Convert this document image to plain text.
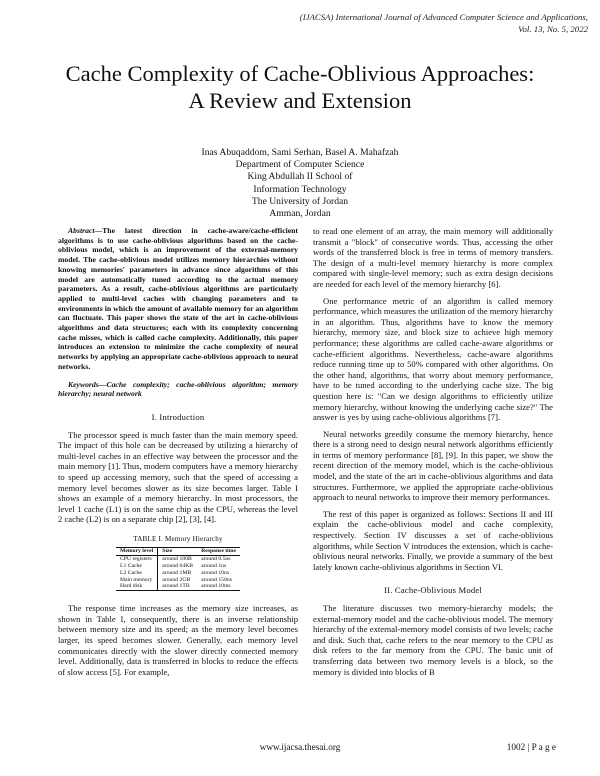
(IJACSA) International Journal of Advanced Computer Science and Applications,
Vol. 13, No. 5, 2022
Cache Complexity of Cache-Oblivious Approaches:
A Review and Extension
Inas Abuqaddom, Sami Serhan, Basel A. Mahafzah
Department of Computer Science
King Abdullah II School of
Information Technology
The University of Jordan
Amman, Jordan

Abstract—The latest direction in cache-aware/cache-efficient algorithms is to use cache-oblivious algorithms based on the cache-oblivious model, which is an improvement of the external-memory model. The cache-oblivious model utilizes memory hierarchies without knowing memories' parameters in advance since algorithms of this model are automatically tuned according to the actual memory parameters. As a result, cache-oblivious algorithms are particularly applied to multi-level caches with changing parameters and to environments in which the amount of available memory for an algorithm can fluctuate. This paper shows the state of the art in cache-oblivious algorithms and data structures; each with its complexity concerning cache misses, which is called cache complexity. Additionally, this paper introduces an extension to minimize the cache complexity of neural networks by applying an appropriate cache-oblivious approach to neural networks.

Keywords—Cache complexity; cache-oblivious algorithm; memory hierarchy; neural network

I. Introduction

The processor speed is much faster than the main memory speed. The impact of this hole can be decreased by utilizing a hierarchy of multi-level caches in an effective way between the processor and the main memory [1]. Thus, modern computers have a memory hierarchy to speed up accessing memory, such that the speed of accessing a memory level becomes slower as its size becomes larger. Table I shows an example of a memory hierarchy. In most processors, the level 1 cache (L1) is on the same chip as the CPU, whereas the level 2 cache (L2) is on a separate chip [2], [3], [4].

TABLE I. Memory Hierarchy
Memory level	Size	Response time
CPU registers	around 100B	around 0.5ns
L1 Cache	around 64KB	around 1ns
L2 Cache	around 1MB	around 10ns
Main memory	around 2GB	around 150ns
Hard disk	around 1TB	around 10ms

The response time increases as the memory size increases, as shown in Table I, consequently, there is an inverse relationship between memory size and its speed; as the memory level becomes larger, its speed becomes slower. Generally, each memory level communicates directly with the slower directly connected memory level. Additionally, data is transferred in blocks to reduce the effects of slow access [5]. For example,

to read one element of an array, the main memory will additionally transmit a "block" of consecutive words. Thus, accessing the other words of the transferred block is free in terms of memory transfers. The design of a multi-level memory hierarchy is more complex compared with single-level memory; such as extra design decisions are needed for each level of the memory hierarchy [6].

One performance metric of an algorithm is called memory performance, which measures the utilization of the memory hierarchy in an algorithm. Thus, algorithms have to know the memory hierarchy, memory size, and block size to achieve high memory performance; these algorithms are called cache-aware algorithms or cache-efficient algorithms. Nevertheless, cache-aware algorithms reduce running time up to 50% compared with other algorithms. On the other hand, algorithms, that worry about memory performance, have to be tuned according to the underlying cache size. The big question here is: "Can we design algorithms to efficiently utilize memory hierarchy, without knowing the underlying cache size?" The answer is yes by using cache-oblivious algorithms [7].

Neural networks greedily consume the memory hierarchy, hence there is a strong need to design neural network algorithms efficiently in terms of memory performance [8], [9]. In this paper, we show the recent direction of the memory model, which is the cache-oblivious model, and the state of the art in cache-oblivious algorithms and data structures. Furthermore, we applied the appropriate cache-oblivious approach to neural networks to improve their memory performances.

The rest of this paper is organized as follows: Sections II and III explain the cache-oblivious model and cache complexity, respectively. Section IV discusses a set of cache-oblivious algorithms, while Section V introduces the extension, which is cache-oblivious neural networks. Finally, we provide a summary of the best lately known cache-oblivious algorithms in Section VI.

II. Cache-Oblivious Model

The literature discusses two memory-hierarchy models; the external-memory model and the cache-oblivious model. The memory hierarchy of the external-memory model consists of two levels; cache and disk. Such that, cache refers to the near memory to the CPU as disk refers to the far memory from the CPU. The basic unit of transferring data between two memory levels is a block, so the memory is divided into blocks of B

www.ijacsa.thesai.org	1002 | P a g e
